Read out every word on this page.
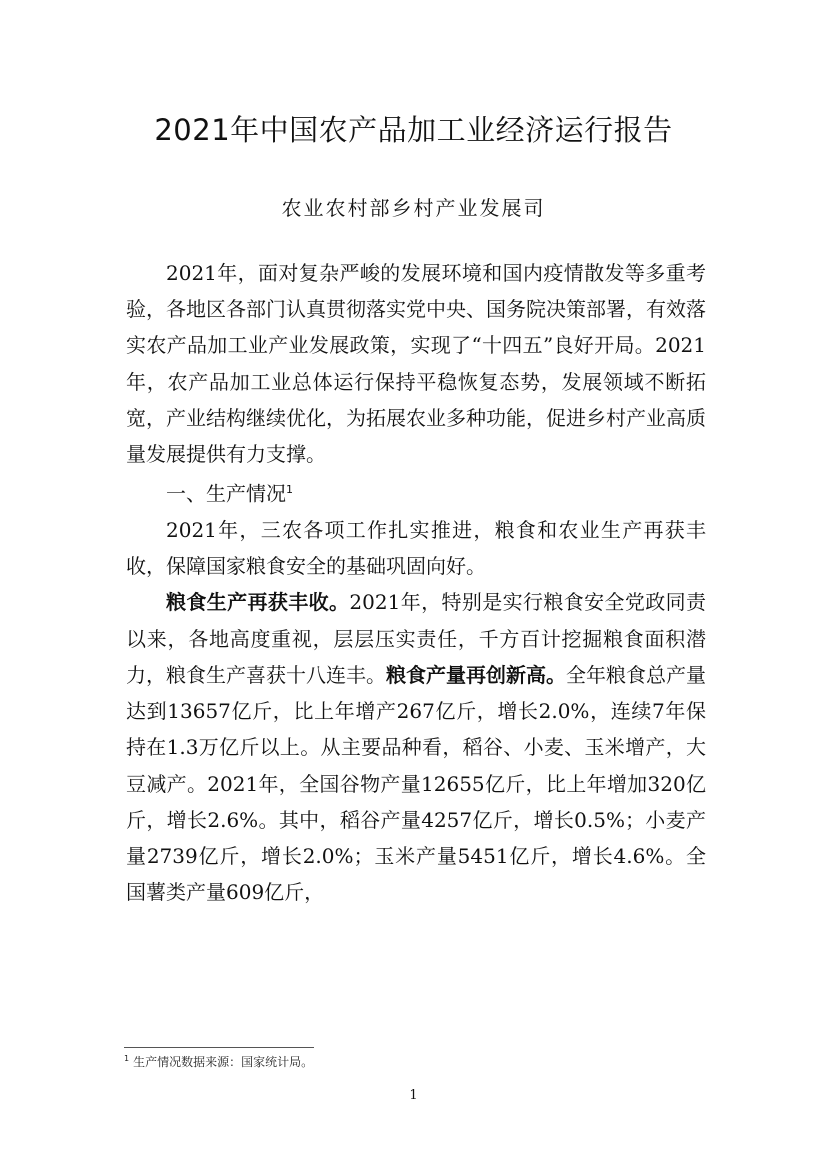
2021年中国农产品加工业经济运行报告
农业农村部乡村产业发展司

2021年，面对复杂严峻的发展环境和国内疫情散发等多重考验，各地区各部门认真贯彻落实党中央、国务院决策部署，有效落实农产品加工业产业发展政策，实现了“十四五”良好开局。2021年，农产品加工业总体运行保持平稳恢复态势，发展领域不断拓宽，产业结构继续优化，为拓展农业多种功能，促进乡村产业高质量发展提供有力支撑。

一、生产情况$^1$

2021年，三农各项工作扎实推进，粮食和农业生产再获丰收，保障国家粮食安全的基础巩固向好。

粮食生产再获丰收。2021年，特别是实行粮食安全党政同责以来，各地高度重视，层层压实责任，千方百计挖掘粮食面积潜力，粮食生产喜获十八连丰。粮食产量再创新高。全年粮食总产量达到13657亿斤，比上年增产267亿斤，增长2.0%，连续7年保持在1.3万亿斤以上。从主要品种看，稻谷、小麦、玉米增产，大豆减产。2021年，全国谷物产量12655亿斤，比上年增加320亿斤，增长2.6%。其中，稻谷产量4257亿斤，增长0.5%；小麦产量2739亿斤，增长2.0%；玉米产量5451亿斤，增长4.6%。全国薯类产量609亿斤，

$^1$ 生产情况数据来源：国家统计局。
1
